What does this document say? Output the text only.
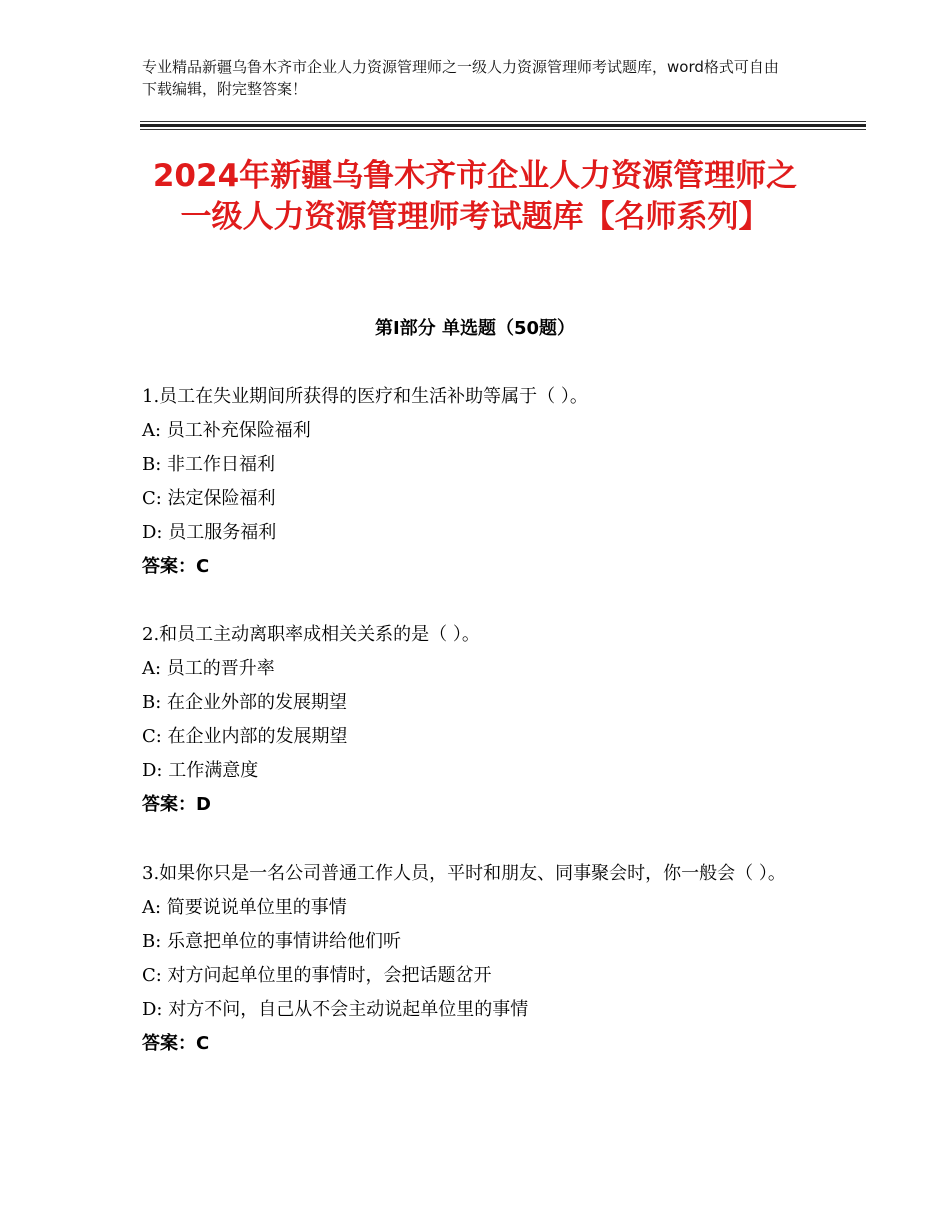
专业精品新疆乌鲁木齐市企业人力资源管理师之一级人力资源管理师考试题库，word格式可自由下载编辑，附完整答案！
2024年新疆乌鲁木齐市企业人力资源管理师之一级人力资源管理师考试题库【名师系列】
第Ⅰ部分 单选题（50题）

1.员工在失业期间所获得的医疗和生活补助等属于（ ）。

A: 员工补充保险福利

B: 非工作日福利

C: 法定保险福利

D: 员工服务福利

答案：C

2.和员工主动离职率成相关关系的是（ ）。

A: 员工的晋升率

B: 在企业外部的发展期望

C: 在企业内部的发展期望

D: 工作满意度

答案：D

3.如果你只是一名公司普通工作人员，平时和朋友、同事聚会时，你一般会（ ）。

A: 简要说说单位里的事情

B: 乐意把单位的事情讲给他们听

C: 对方问起单位里的事情时，会把话题岔开

D: 对方不问，自己从不会主动说起单位里的事情

答案：C
